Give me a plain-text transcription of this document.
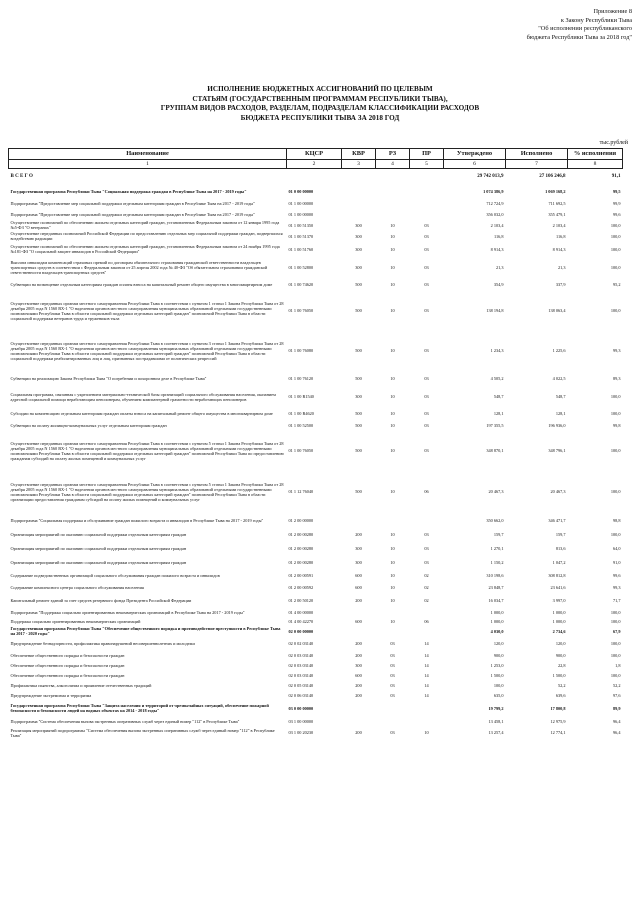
Приложение 8
к Закону Республики Тыва
"Об исполнении республиканского
бюджета Республики Тыва за 2018 год"
ИСПОЛНЕНИЕ БЮДЖЕТНЫХ АССИГНОВАНИЙ ПО ЦЕЛЕВЫМ
СТАТЬЯМ (ГОСУДАРСТВЕННЫМ ПРОГРАММАМ РЕСПУБЛИКИ ТЫВА),
ГРУППАМ ВИДОВ РАСХОДОВ, РАЗДЕЛАМ, ПОДРАЗДЕЛАМ КЛАССИФИКАЦИИ РАСХОДОВ
БЮДЖЕТА РЕСПУБЛИКИ ТЫВА ЗА 2018 ГОД
тыс.рублей
Наименование	КЦСР	КВР	РЗ	ПР	Утверждено	Исполнено	% исполнения
1	2	3	4	5	6	7	8
В С Е Г О					29 742 013,9	27 106 246,8	91,1
Государственная программа Республики Тыва "Социальная поддержка граждан в Республике Тыва на 2017 - 2019 годы"	01 0 00 00000				1 074 386,9	1 069 168,2	99,5
Подпрограмма "Предоставление мер социальной поддержки отдельным категориям граждан в Республике Тыва на 2017 - 2019 годы"	01 1 00 00000				712 724,9	711 692,5	99,9
Подпрограмма "Предоставление мер социальной поддержки отдельным категориям граждан в Республике Тыва на 2017 - 2019 годы"	01 1 00 00000				356 032,0	355 479,1	99,6
Осуществление полномочий по обеспечению жильем отдельных категорий граждан, установленных Федеральным законом от 12 января 1995 года №5-ФЗ "О ветеранах"	01 1 00 51350	300	10	03	2 103,4	2 103,4	100,0
Осуществление переданных полномочий Российской Федерации по предоставлению отдельных мер социальной поддержки граждан, подвергшихся воздействию радиации	01 1 00 51370	300	10	03	116,8	116,8	100,0
Осуществление полномочий по обеспечению жильем отдельных категорий граждан, установленных Федеральным законом от 24 ноября 1995 года №181-ФЗ "О социальной защите инвалидов в Российской Федерации"	01 1 00 51760	300	10	03	8 914,3	8 914,3	100,0
Выплата инвалидам компенсаций страховых премий по договорам обязательного страхования гражданской ответственности владельцев транспортных средств в соответствии с Федеральным законом от 25 апреля 2002 года № 40-ФЗ "Об обязательном страховании гражданской ответственности владельцев транспортных средств"	01 1 00 52800	300	10	03	21,3	21,3	100,0
Субвенции на возмещение отдельным категориям граждан оплаты взноса на капитальный ремонт общего имущества в многоквартирном доме	01 1 00 74620	500	10	03	354,9	337,9	95,2
Осуществление переданных органам местного самоуправления Республики Тыва в соответствии с пунктом 1 статьи 1 Закона Республики Тыва от 28 декабря 2005 года N 1560 ВХ-1 "О наделении органов местного самоуправления муниципальных образований отдельными государственными полномочиями Республики Тыва в области социальной поддержки отдельных категорий граждан" полномочий Республики Тыва в области социальной поддержки ветеранов труда и тружеников тыла	01 1 00 76050	500	10	03	138 194,8	138 063,4	100,0
Осуществление переданных органам местного самоуправления Республики Тыва в соответствии с пунктом 3 статьи 1 Закона Республики Тыва от 28 декабря 2005 года N 1560 ВХ-1 "О наделении органов местного самоуправления муниципальных образований отдельными государственными полномочиями Республики Тыва в области социальной поддержки отдельных категорий граждан" полномочий Республики Тыва в области социальной поддержки реабилитированных лиц и лиц, признанных пострадавшими от политических репрессий	01 1 00 76080	500	10	03	1 234,3	1 225,6	99,3
Субвенции на реализацию Закона Республики Тыва "О погребении и похоронном деле в Республике Тыва"	01 1 00 76120	500	10	03	4 505,2	4 022,5	89,3
Социальная программа, связанная с укреплением материально-технической базы организаций социального обслуживания населения, оказанием адресной социальной помощи неработающим пенсионерам, обучением компьютерной грамотности неработающих пенсионеров	01 1 00 R1540	300	10	03	548,7	548,7	100,0
Субсидии на компенсацию отдельным категориям граждан оплаты взноса на капитальный ремонт общего имущества в многоквартирном доме	01 1 00 R4620	500	10	03	128,1	128,1	100,0
Субвенции на оплату жилищно-коммунальных услуг отдельным категориям граждан	01 1 00 52500	500	10	03	197 355,5	196 936,0	99,8
Осуществление переданных органам местного самоуправления Республики Тыва в соответствии с пунктом 5 статьи 1 Закона Республики Тыва от 28 декабря 2005 года N 1560 ВХ-1 "О наделении органов местного самоуправления муниципальных образований отдельными государственными полномочиями Республики Тыва в области социальной поддержки отдельных категорий граждан" полномочий Республики Тыва по предоставлению гражданам субсидий на оплату жилых помещений и коммунальных услуг	01 1 00 76050	500	10	03	348 870,1	348 796,1	100,0
Осуществление переданных органам местного самоуправления Республики Тыва в соответствии с пунктом 5 статьи 1 Закона Республики Тыва от 28 декабря 2005 года N 1560 ВХ-1 "О наделении органов местного самоуправления муниципальных образований отдельными государственными полномочиями Республики Тыва в области социальной поддержки отдельных категорий граждан" полномочий Республики Тыва в области организации предоставления гражданам субсидий на оплату жилых помещений и коммунальных услуг	01 1 12 76040	500	10	06	20 467,3	20 467,3	100,0
Подпрограмма "Социальная поддержка и обслуживание граждан пожилого возраста и инвалидов в Республике Тыва на 2017 - 2019 годы"	01 2 00 00000				350 662,0	346 471,7	98,8
Организация мероприятий по оказанию социальной поддержки отдельным категориям граждан	01 2 00 00280	200	10	03	159,7	159,7	100,0
Организация мероприятий по оказанию социальной поддержки отдельным категориям граждан	01 2 00 00280	300	10	03	1 270,1	813,6	64,0
Организация мероприятий по оказанию социальной поддержки отдельным категориям граждан	01 2 00 00280	300	10	03	1 150,2	1 047,2	91,0
Содержание подведомственных организаций социального обслуживания граждан пожилого возраста и инвалидов	01 2 00 00591	600	10	02	310 198,6	308 812,8	99,6
Содержание комплексного центра социального обслуживания населения	01 2 00 00592	600	10	02	23 848,7	23 641,6	99,3
Капитальный ремонт зданий за счет средств резервного фонда Президента Российской Федерации	01 2 00 50120	200	10	02	16 034,7	3 997,0	71,7
Подпрограмма "Поддержка социально ориентированных некоммерческих организаций в Республике Тыва на 2017 - 2019 годы"	01 4 00 00000				1 000,0	1 000,0	100,0
Поддержка социально ориентированных некоммерческих организаций	01 4 00 42270	600	10	06	1 000,0	1 000,0	100,0
Государственная программа Республики Тыва "Обеспечение общественного порядка и противодействие преступности в Республике Тыва на 2017 - 2020 годы"	02 0 00 00000				4 030,0	2 734,6	67,9
Предупреждение безнадзорности, профилактика правонарушений несовершеннолетних и молодежи	02 0 02 03140	200	03	14	120,0	120,0	100,0
Обеспечение общественного порядка и безопасности граждан	02 0 03 03140	200	03	14	900,0	900,0	100,0
Обеспечение общественного порядка и безопасности граждан	02 0 03 03140	300	03	14	1 253,0	22,8	1,8
Обеспечение общественного порядка и безопасности граждан	02 0 03 03140	600	03	14	1 500,0	1 500,0	100,0
Профилактика пьянства, алкоголизма и проявление отечественных традиций	02 0 05 03140	200	03	14	100,0	52,2	52,2
Предупреждение экстремизма и терроризма	02 0 06 03140	200	03	14	635,0	639,6	97,6
Государственная программа Республики Тыва "Защита населения и территорий от чрезвычайных ситуаций, обеспечение пожарной безопасности и безопасности людей на водных объектах на 2014 - 2018 годы"	03 0 00 00000				19 799,2	17 800,8	89,9
Подпрограмма "Система обеспечения вызова экстренных оперативных служб через единый номер "112" в Республике Тыва"	03 1 00 00000				13 458,1	12 975,9	96,4
Реализация мероприятий подпрограммы "Система обеспечения вызова экстренных оперативных служб через единый номер "112" в Республике Тыва"	03 1 00 20230	200	03	10	13 257,4	12 774,1	96,4
